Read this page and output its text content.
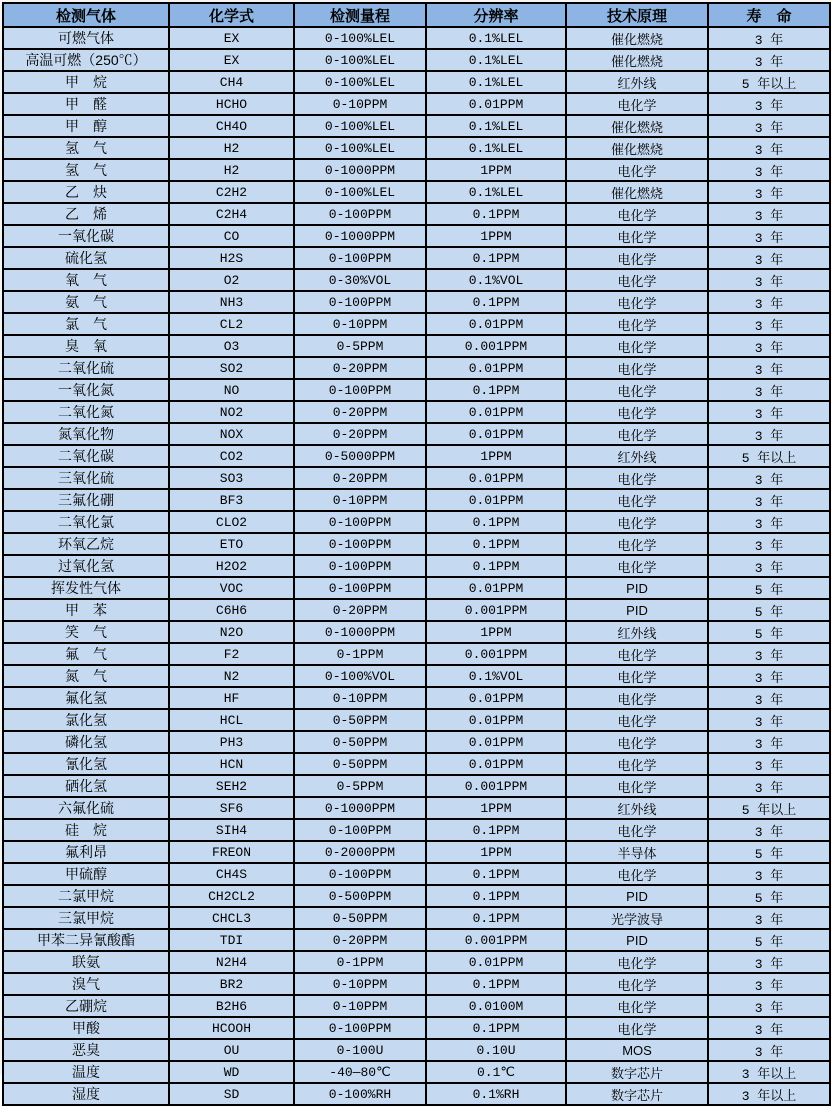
检测气体	化学式	检测量程	分辨率	技术原理	寿　命
可燃气体	EX	0-100%LEL	0.1%LEL	催化燃烧	3 年
高温可燃（250℃）	EX	0-100%LEL	0.1%LEL	催化燃烧	3 年
甲　烷	CH4	0-100%LEL	0.1%LEL	红外线	5 年以上
甲　醛	HCHO	0-10PPM	0.01PPM	电化学	3 年
甲　醇	CH4O	0-100%LEL	0.1%LEL	催化燃烧	3 年
氢　气	H2	0-100%LEL	0.1%LEL	催化燃烧	3 年
氢　气	H2	0-1000PPM	1PPM	电化学	3 年
乙　炔	C2H2	0-100%LEL	0.1%LEL	催化燃烧	3 年
乙　烯	C2H4	0-100PPM	0.1PPM	电化学	3 年
一氧化碳	CO	0-1000PPM	1PPM	电化学	3 年
硫化氢	H2S	0-100PPM	0.1PPM	电化学	3 年
氧　气	O2	0-30%VOL	0.1%VOL	电化学	3 年
氨　气	NH3	0-100PPM	0.1PPM	电化学	3 年
氯　气	CL2	0-10PPM	0.01PPM	电化学	3 年
臭　氧	O3	0-5PPM	0.001PPM	电化学	3 年
二氧化硫	SO2	0-20PPM	0.01PPM	电化学	3 年
一氧化氮	NO	0-100PPM	0.1PPM	电化学	3 年
二氧化氮	NO2	0-20PPM	0.01PPM	电化学	3 年
氮氧化物	NOX	0-20PPM	0.01PPM	电化学	3 年
二氧化碳	CO2	0-5000PPM	1PPM	红外线	5 年以上
三氧化硫	SO3	0-20PPM	0.01PPM	电化学	3 年
三氟化硼	BF3	0-10PPM	0.01PPM	电化学	3 年
二氧化氯	CLO2	0-100PPM	0.1PPM	电化学	3 年
环氧乙烷	ETO	0-100PPM	0.1PPM	电化学	3 年
过氧化氢	H2O2	0-100PPM	0.1PPM	电化学	3 年
挥发性气体	VOC	0-100PPM	0.01PPM	PID	5 年
甲　苯	C6H6	0-20PPM	0.001PPM	PID	5 年
笑　气	N2O	0-1000PPM	1PPM	红外线	5 年
氟　气	F2	0-1PPM	0.001PPM	电化学	3 年
氮　气	N2	0-100%VOL	0.1%VOL	电化学	3 年
氟化氢	HF	0-10PPM	0.01PPM	电化学	3 年
氯化氢	HCL	0-50PPM	0.01PPM	电化学	3 年
磷化氢	PH3	0-50PPM	0.01PPM	电化学	3 年
氰化氢	HCN	0-50PPM	0.01PPM	电化学	3 年
硒化氢	SEH2	0-5PPM	0.001PPM	电化学	3 年
六氟化硫	SF6	0-1000PPM	1PPM	红外线	5 年以上
硅　烷	SIH4	0-100PPM	0.1PPM	电化学	3 年
氟利昂	FREON	0-2000PPM	1PPM	半导体	5 年
甲硫醇	CH4S	0-100PPM	0.1PPM	电化学	3 年
二氯甲烷	CH2CL2	0-500PPM	0.1PPM	PID	5 年
三氯甲烷	CHCL3	0-50PPM	0.1PPM	光学波导	3 年
甲苯二异氰酸酯	TDI	0-20PPM	0.001PPM	PID	5 年
联氨	N2H4	0-1PPM	0.01PPM	电化学	3 年
溴气	BR2	0-10PPM	0.1PPM	电化学	3 年
乙硼烷	B2H6	0-10PPM	0.0100M	电化学	3 年
甲酸	HCOOH	0-100PPM	0.1PPM	电化学	3 年
恶臭	OU	0-100U	0.10U	MOS	3 年
温度	WD	-40—80℃	0.1℃	数字芯片	3 年以上
湿度	SD	0-100%RH	0.1%RH	数字芯片	3 年以上
